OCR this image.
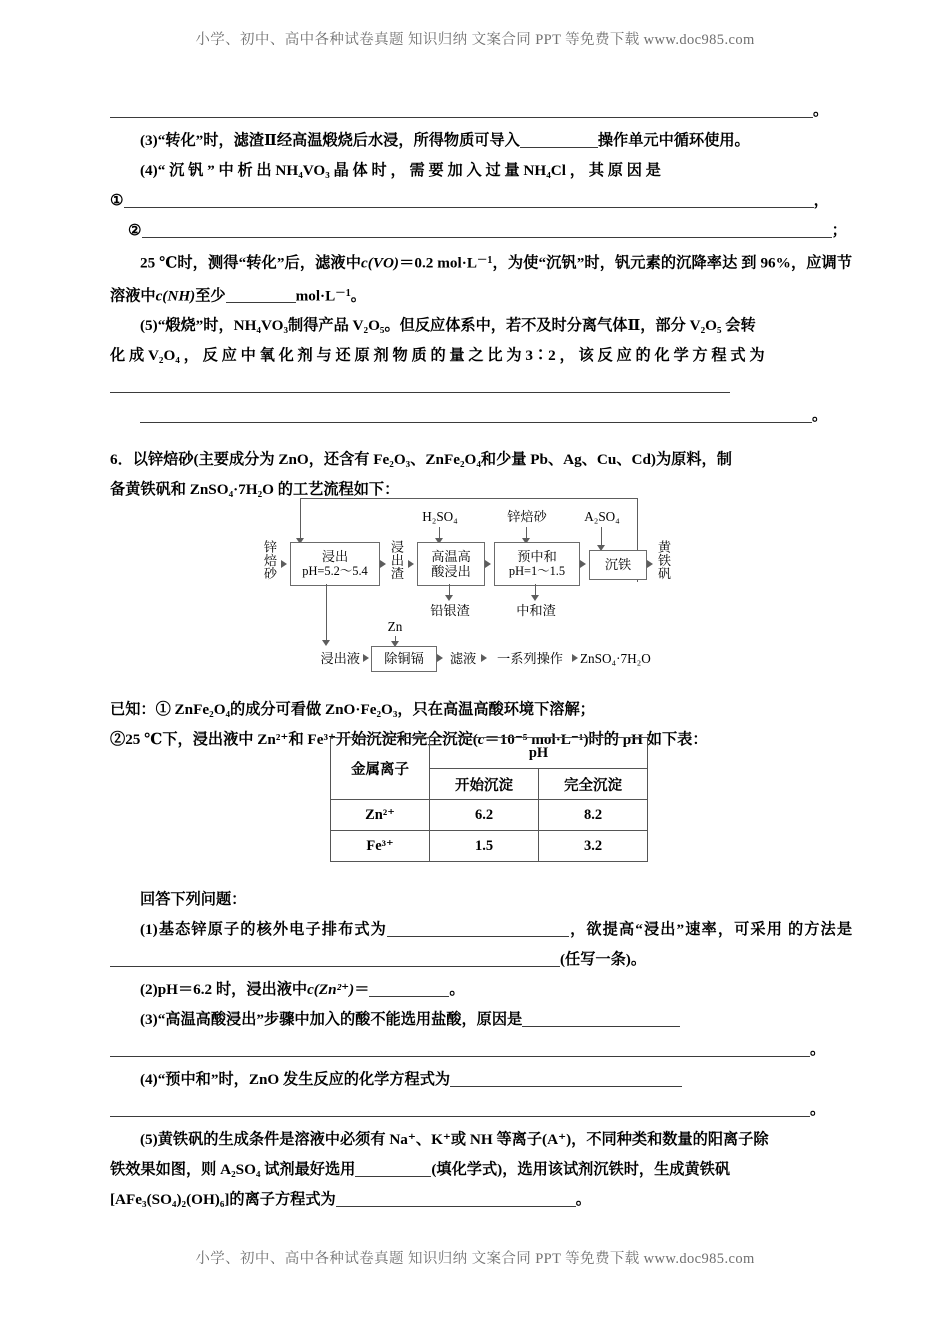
小学、初中、高中各种试卷真题 知识归纳 文案合同 PPT 等免费下载 www.doc985.com
。

(3)“转化”时，滤渣Ⅱ经高温煅烧后水浸，所得物质可导入	操作单元中循环使用。

(4)“ 沉 钒 ” 中 析 出 NH₄VO₃ 晶 体 时 ， 需 要 加 入 过 量 NH₄Cl ， 其 原 因 是

①	，
②	；

25 ℃时，测得“转化”后，滤液中c(VO)＝0.2 $mol\cdot L^{-1}$，为使“沉钒”时，钒元素的沉降率达 到 96%，应调节溶液中c(NH)至少	$mol\cdot L^{-1}$。

(5)“煅烧”时，NH₄VO₃制得产品 V₂O₅。但反应体系中，若不及时分离气体Ⅱ，部分 V₂O₅ 会转

化 成 V₂O₄ ， 反 应 中 氧 化 剂 与 还 原 剂 物 质 的 量 之 比 为 3∶2 ， 该 反 应 的 化 学 方 程 式 为

。

6．以锌焙砂(主要成分为 ZnO，还含有 Fe₂O₃、ZnFe₂O₄和少量 Pb、Ag、Cu、Cd)为原料，制

备黄铁矾和 ZnSO₄·7H₂O 的工艺流程如下：

已知：① ZnFe₂O₄的成分可看做 ZnO·Fe₂O₃，只在高温高酸环境下溶解；

②25 ℃下，浸出液中 Zn²⁺和 Fe³⁺开始沉淀和完全沉淀(c＝10⁻⁵ mol·L⁻¹)时的 pH 如下表：

回答下列问题：

(1)基态锌原子的核外电子排布式为	，欲提高“浸出”速率，可采用 的方法是(任写一条)。

(2)pH＝6.2 时，浸出液中c(Zn²⁺)＝	。

(3)“高温高酸浸出”步骤中加入的酸不能选用盐酸，原因是

。

(4)“预中和”时，ZnO 发生反应的化学方程式为

。

(5)黄铁矾的生成条件是溶液中必须有 Na⁺、K⁺或 NH 等离子(A⁺)，不同种类和数量的阳离子除

铁效果如图，则 A₂SO₄ 试剂最好选用	(填化学式)，选用该试剂沉铁时，生成黄铁矾

[AFe₃(SO₄)₂(OH)₆]的离子方程式为	。

锌焙砂	浸出
pH=5.2～5.4 浸出渣
H₂SO₄
高温高
酸浸出
锌焙砂
预中和
pH=1～1.5
A₂SO₄
沉铁 黄铁矾
铅银渣	中和渣
浸出液
Zn
除铜镉 滤液	一系列操作	ZnSO₄·7H₂O
金属离子	pH	
	开始沉淀	完全沉淀
Zn²⁺	6.2	8.2
Fe³⁺	1.5	3.2
小学、初中、高中各种试卷真题 知识归纳 文案合同 PPT 等免费下载 www.doc985.com
